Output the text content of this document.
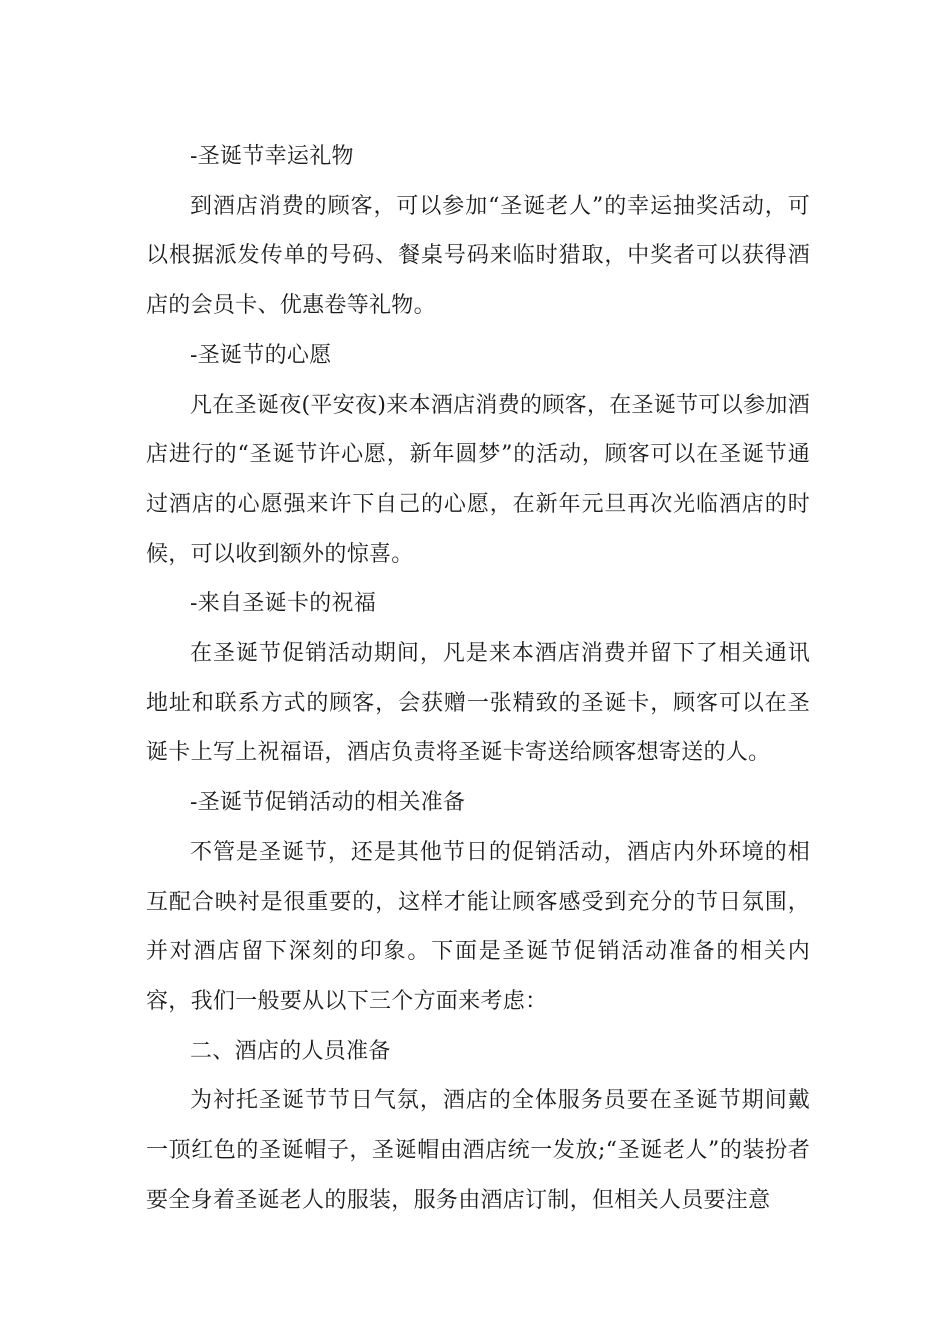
-圣诞节幸运礼物

到酒店消费的顾客，可以参加“圣诞老人”的幸运抽奖活动，可以根据派发传单的号码、餐桌号码来临时猎取，中奖者可以获得酒店的会员卡、优惠卷等礼物。

-圣诞节的心愿

凡在圣诞夜(平安夜)来本酒店消费的顾客，在圣诞节可以参加酒店进行的“圣诞节许心愿，新年圆梦”的活动，顾客可以在圣诞节通过酒店的心愿强来许下自己的心愿，在新年元旦再次光临酒店的时候，可以收到额外的惊喜。

-来自圣诞卡的祝福

在圣诞节促销活动期间，凡是来本酒店消费并留下了相关通讯地址和联系方式的顾客，会获赠一张精致的圣诞卡，顾客可以在圣诞卡上写上祝福语，酒店负责将圣诞卡寄送给顾客想寄送的人。

-圣诞节促销活动的相关准备

不管是圣诞节，还是其他节日的促销活动，酒店内外环境的相互配合映衬是很重要的，这样才能让顾客感受到充分的节日氛围，并对酒店留下深刻的印象。下面是圣诞节促销活动准备的相关内容，我们一般要从以下三个方面来考虑：

二、酒店的人员准备

为衬托圣诞节节日气氛，酒店的全体服务员要在圣诞节期间戴一顶红色的圣诞帽子，圣诞帽由酒店统一发放;“圣诞老人”的装扮者要全身着圣诞老人的服装，服务由酒店订制，但相关人员要注意
